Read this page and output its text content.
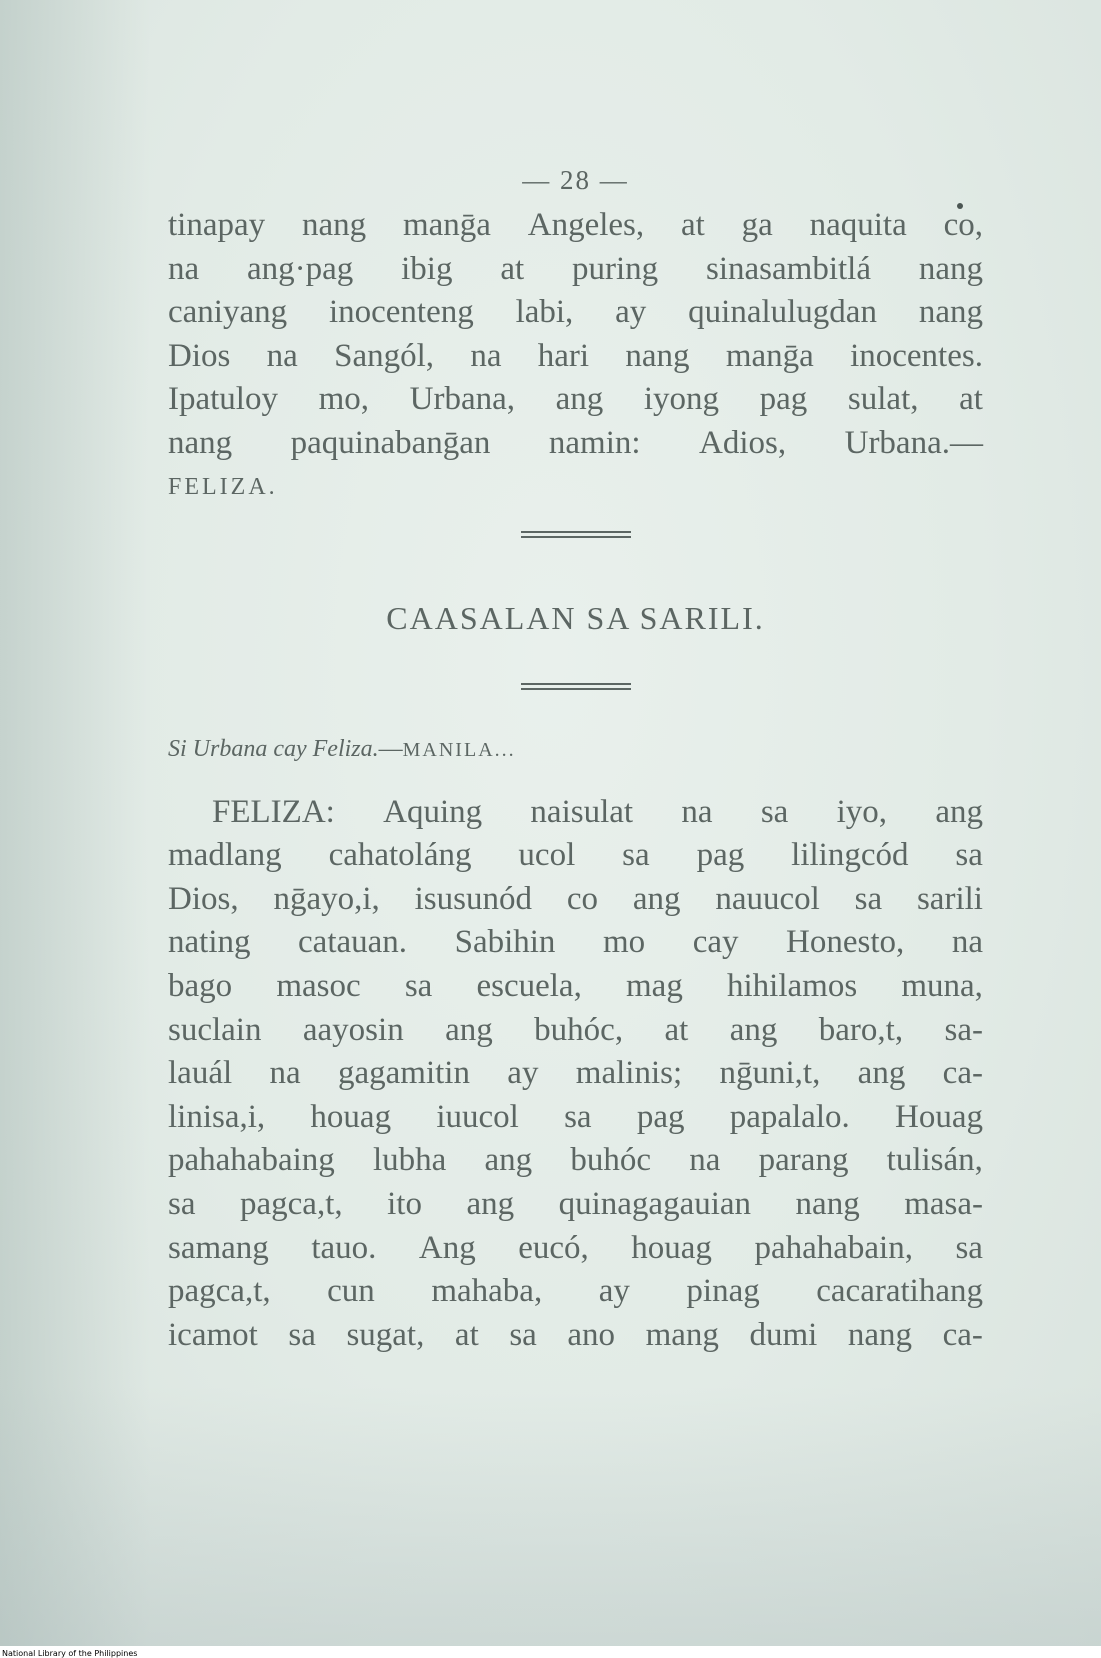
— 28 —
tinapay nang manḡa Angeles, at ga naquita co,
na ang·pag ibig at puring sinasambitlá nang
caniyang inocenteng labi, ay quinalulugdan nang
Dios na Sangól, na hari nang manḡa inocentes.
Ipatuloy mo, Urbana, ang iyong pag sulat, at
nang paquinabanḡan namin: Adios, Urbana.—
FELIZA.
CAASALAN SA SARILI.
Si Urbana cay Feliza.—MANILA...
FELIZA: Aquing naisulat na sa iyo, ang
madlang cahatoláng ucol sa pag lilingcód sa
Dios, nḡayo,i, isusunód co ang nauucol sa sarili
nating catauan. Sabihin mo cay Honesto, na
bago masoc sa escuela, mag hihilamos muna,
suclain aayosin ang buhóc, at ang baro,t, sa-
lauál na gagamitin ay malinis; nḡuni,t, ang ca-
linisa,i, houag iuucol sa pag papalalo. Houag
pahahabaing lubha ang buhóc na parang tulisán,
sa pagca,t, ito ang quinagagauian nang masa-
samang tauo. Ang eucó, houag pahahabain, sa
pagca,t, cun mahaba, ay pinag cacaratihang
icamot sa sugat, at sa ano mang dumi nang ca-
National Library of the Philippines
